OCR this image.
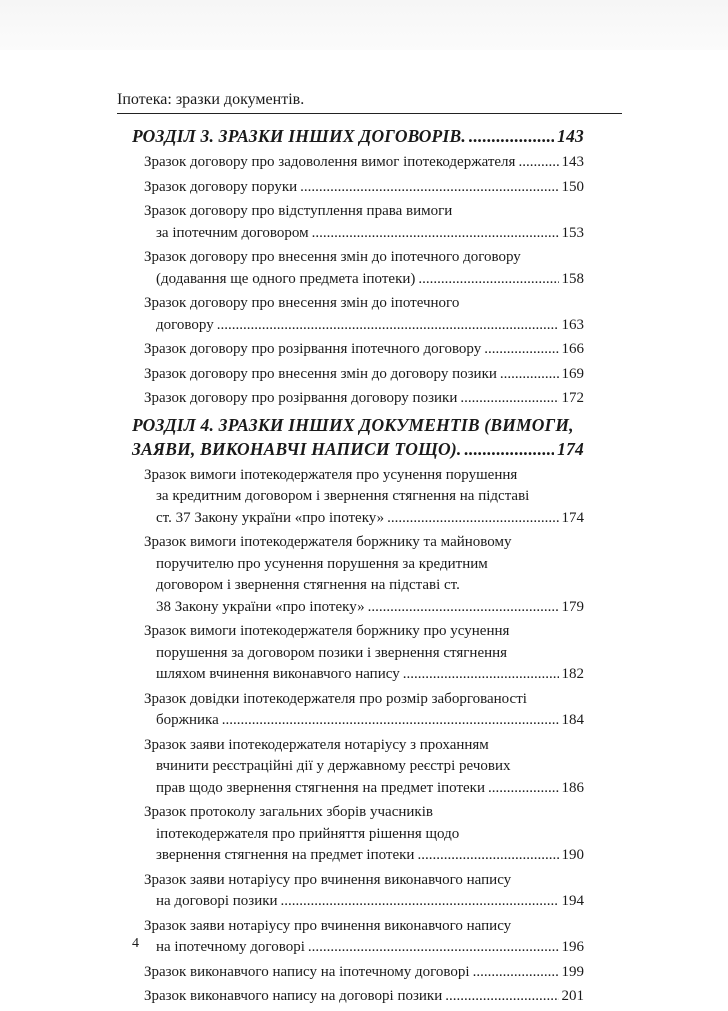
Іпотека: зразки документів.
РОЗДІЛ 3. ЗРАЗКИ ІНШИХ ДОГОВОРІВ. .....	143
Зразок договору про задоволення вимог іпотекодержателя .....	143
Зразок договору поруки .....	150
Зразок договору про відступлення права вимоги
за іпотечним договором .....	153
Зразок договору про внесення змін до іпотечного договору
(додавання ще одного предмета іпотеки) .....	158
Зразок договору про внесення змін до іпотечного
договору .....	163
Зразок договору про розірвання іпотечного договору .....	166
Зразок договору про внесення змін до договору позики .....	169
Зразок договору про розірвання договору позики .....	172
РОЗДІЛ 4. ЗРАЗКИ ІНШИХ ДОКУМЕНТІВ (ВИМОГИ,
ЗАЯВИ, ВИКОНАВЧІ НАПИСИ ТОЩО). .....	174
Зразок вимоги іпотекодержателя про усунення порушення
за кредитним договором і звернення стягнення на підставі
ст. 37 Закону україни «про іпотеку» .....	174
Зразок вимоги іпотекодержателя боржнику та майновому
поручителю про усунення порушення за кредитним
договором і звернення стягнення на підставі ст.
38 Закону україни «про іпотеку» .....	179
Зразок вимоги іпотекодержателя боржнику про усунення
порушення за договором позики і звернення стягнення
шляхом вчинення виконавчого напису .....	182
Зразок довідки іпотекодержателя про розмір заборгованості
боржника .....	184
Зразок заяви іпотекодержателя нотаріусу з проханням
вчинити реєстраційні дії у державному реєстрі речових
прав щодо звернення стягнення на предмет іпотеки .....	186
Зразок протоколу загальних зборів учасників
іпотекодержателя про прийняття рішення щодо
звернення стягнення на предмет іпотеки .....	190
Зразок заяви нотаріусу про вчинення виконавчого напису
на договорі позики .....	194
Зразок заяви нотаріусу про вчинення виконавчого напису
на іпотечному договорі .....	196
Зразок виконавчого напису на іпотечному договорі .....	199
Зразок виконавчого напису на договорі позики .....	201
4
